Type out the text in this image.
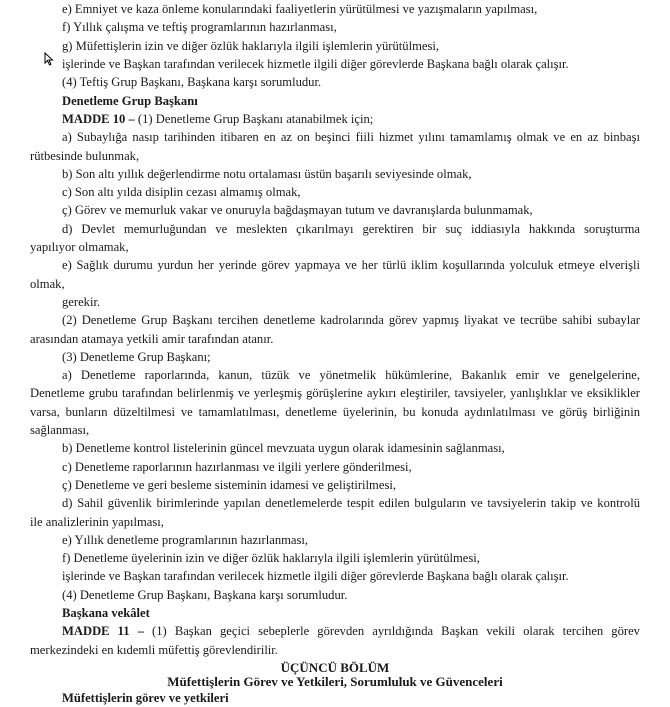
e) Emniyet ve kaza önleme konularındaki faaliyetlerin yürütülmesi ve yazışmaların yapılması,
f) Yıllık çalışma ve teftiş programlarının hazırlanması,
g) Müfettişlerin izin ve diğer özlük haklarıyla ilgili işlemlerin yürütülmesi,
işlerinde ve Başkan tarafından verilecek hizmetle ilgili diğer görevlerde Başkana bağlı olarak çalışır.
(4) Teftiş Grup Başkanı, Başkana karşı sorumludur.
Denetleme Grup Başkanı
MADDE 10 – (1) Denetleme Grup Başkanı atanabilmek için;
a) Subaylığa nasıp tarihinden itibaren en az on beşinci fiili hizmet yılını tamamlamış olmak ve en az binbaşı
rütbesinde bulunmak,
b) Son altı yıllık değerlendirme notu ortalaması üstün başarılı seviyesinde olmak,
c) Son altı yılda disiplin cezası almamış olmak,
ç) Görev ve memurluk vakar ve onuruyla bağdaşmayan tutum ve davranışlarda bulunmamak,
d) Devlet memurluğundan ve meslekten çıkarılmayı gerektiren bir suç iddiasıyla hakkında soruşturma
yapılıyor olmamak,
e) Sağlık durumu yurdun her yerinde görev yapmaya ve her türlü iklim koşullarında yolculuk etmeye elverişli
olmak,
gerekir.
(2) Denetleme Grup Başkanı tercihen denetleme kadrolarında görev yapmış liyakat ve tecrübe sahibi subaylar
arasından atamaya yetkili amir tarafından atanır.
(3) Denetleme Grup Başkanı;
a) Denetleme raporlarında, kanun, tüzük ve yönetmelik hükümlerine, Bakanlık emir ve genelgelerine,
Denetleme grubu tarafından belirlenmiş ve yerleşmiş görüşlerine aykırı eleştiriler, tavsiyeler, yanlışlıklar ve eksiklikler
varsa, bunların düzeltilmesi ve tamamlatılması, denetleme üyelerinin, bu konuda aydınlatılması ve görüş birliğinin
sağlanması,
b) Denetleme kontrol listelerinin güncel mevzuata uygun olarak idamesinin sağlanması,
c) Denetleme raporlarının hazırlanması ve ilgili yerlere gönderilmesi,
ç) Denetleme ve geri besleme sisteminin idamesi ve geliştirilmesi,
d) Sahil güvenlik birimlerinde yapılan denetlemelerde tespit edilen bulguların ve tavsiyelerin takip ve kontrolü
ile analizlerinin yapılması,
e) Yıllık denetleme programlarının hazırlanması,
f) Denetleme üyelerinin izin ve diğer özlük haklarıyla ilgili işlemlerin yürütülmesi,
işlerinde ve Başkan tarafından verilecek hizmetle ilgili diğer görevlerde Başkana bağlı olarak çalışır.
(4) Denetleme Grup Başkanı, Başkana karşı sorumludur.
Başkana vekâlet
MADDE 11 – (1) Başkan geçici sebeplerle görevden ayrıldığında Başkan vekili olarak tercihen görev
merkezindeki en kıdemli müfettiş görevlendirilir.
ÜÇÜNCÜ BÖLÜM
Müfettişlerin Görev ve Yetkileri, Sorumluluk ve Güvenceleri
Müfettişlerin görev ve yetkileri
